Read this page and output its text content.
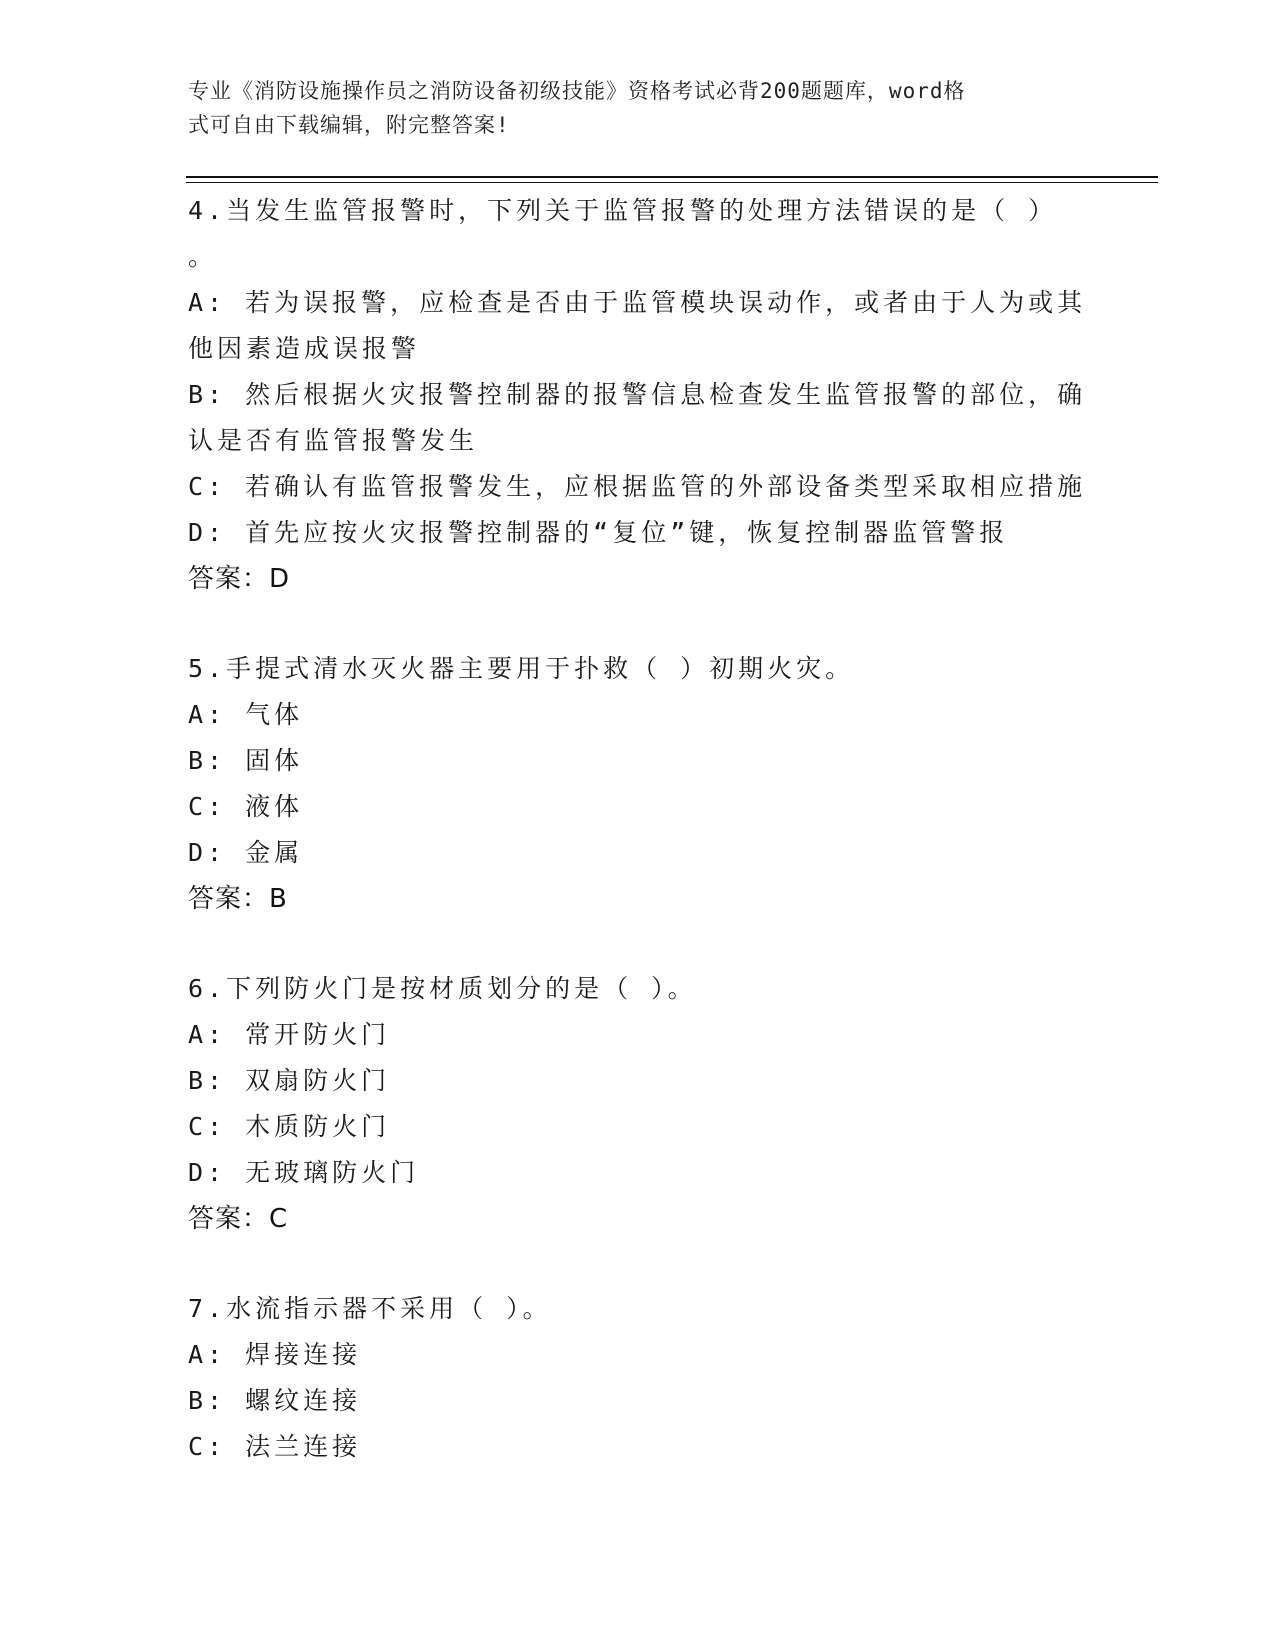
专业《消防设施操作员之消防设备初级技能》资格考试必背200题题库，word格
式可自由下载编辑，附完整答案!
4.当发生监管报警时，下列关于监管报警的处理方法错误的是（ ）
。
A: 若为误报警，应检查是否由于监管模块误动作，或者由于人为或其
他因素造成误报警
B: 然后根据火灾报警控制器的报警信息检查发生监管报警的部位，确
认是否有监管报警发生
C: 若确认有监管报警发生，应根据监管的外部设备类型采取相应措施
D: 首先应按火灾报警控制器的“复位”键，恢复控制器监管警报
答案：D
5.手提式清水灭火器主要用于扑救（ ）初期火灾。
A: 气体
B: 固体
C: 液体
D: 金属
答案：B
6.下列防火门是按材质划分的是（ ）。
A: 常开防火门
B: 双扇防火门
C: 木质防火门
D: 无玻璃防火门
答案：C
7.水流指示器不采用（ ）。
A: 焊接连接
B: 螺纹连接
C: 法兰连接
